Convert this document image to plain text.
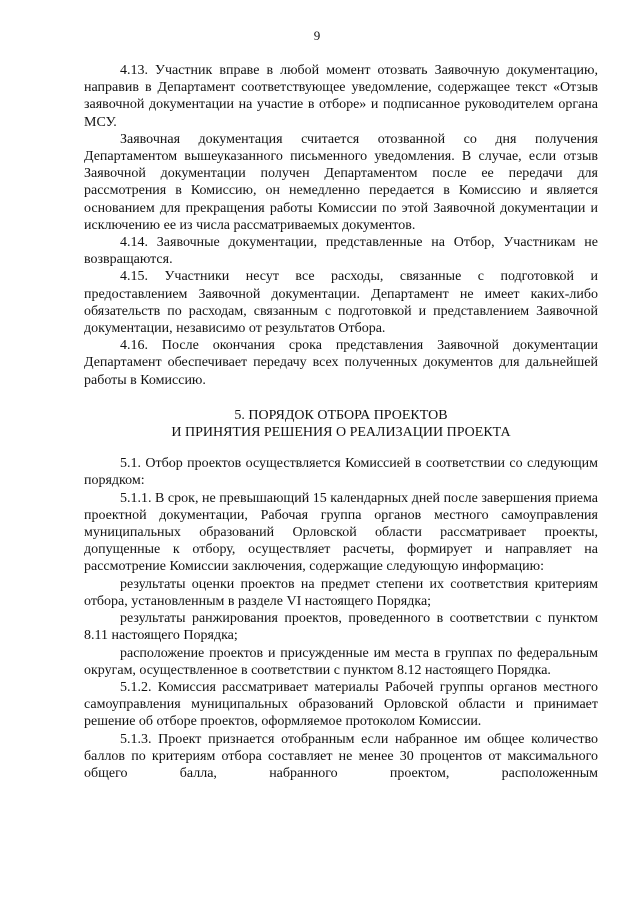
9

4.13. Участник вправе в любой момент отозвать Заявочную документацию, направив в Департамент соответствующее уведомление, содержащее текст «Отзыв заявочной документации на участие в отборе» и подписанное руководителем органа МСУ.

Заявочная документация считается отозванной со дня получения Департаментом вышеуказанного письменного уведомления. В случае, если отзыв Заявочной документации получен Департаментом после ее передачи для рассмотрения в Комиссию, он немедленно передается в Комиссию и является основанием для прекращения работы Комиссии по этой Заявочной документации и исключению ее из числа рассматриваемых документов.

4.14. Заявочные документации, представленные на Отбор, Участникам не возвращаются.

4.15. Участники несут все расходы, связанные с подготовкой и предоставлением Заявочной документации. Департамент не имеет каких-либо обязательств по расходам, связанным с подготовкой и представлением Заявочной документации, независимо от результатов Отбора.

4.16. После окончания срока представления Заявочной документации Департамент обеспечивает передачу всех полученных документов для дальнейшей работы в Комиссию.

5. ПОРЯДОК ОТБОРА ПРОЕКТОВ
И ПРИНЯТИЯ РЕШЕНИЯ О РЕАЛИЗАЦИИ ПРОЕКТА

5.1. Отбор проектов осуществляется Комиссией в соответствии со следующим порядком:

5.1.1. В срок, не превышающий 15 календарных дней после завершения приема проектной документации, Рабочая группа органов местного самоуправления муниципальных образований Орловской области рассматривает проекты, допущенные к отбору, осуществляет расчеты, формирует и направляет на рассмотрение Комиссии заключения, содержащие следующую информацию:

результаты оценки проектов на предмет степени их соответствия критериям отбора, установленным в разделе VI настоящего Порядка;

результаты ранжирования проектов, проведенного в соответствии с пунктом 8.11 настоящего Порядка;

расположение проектов и присужденные им места в группах по федеральным округам, осуществленное в соответствии с пунктом 8.12 настоящего Порядка.

5.1.2. Комиссия рассматривает материалы Рабочей группы органов местного самоуправления муниципальных образований Орловской области и принимает решение об отборе проектов, оформляемое протоколом Комиссии.

5.1.3. Проект признается отобранным если набранное им общее количество баллов по критериям отбора составляет не менее 30 процентов от максимального общего балла, набранного проектом, расположенным
